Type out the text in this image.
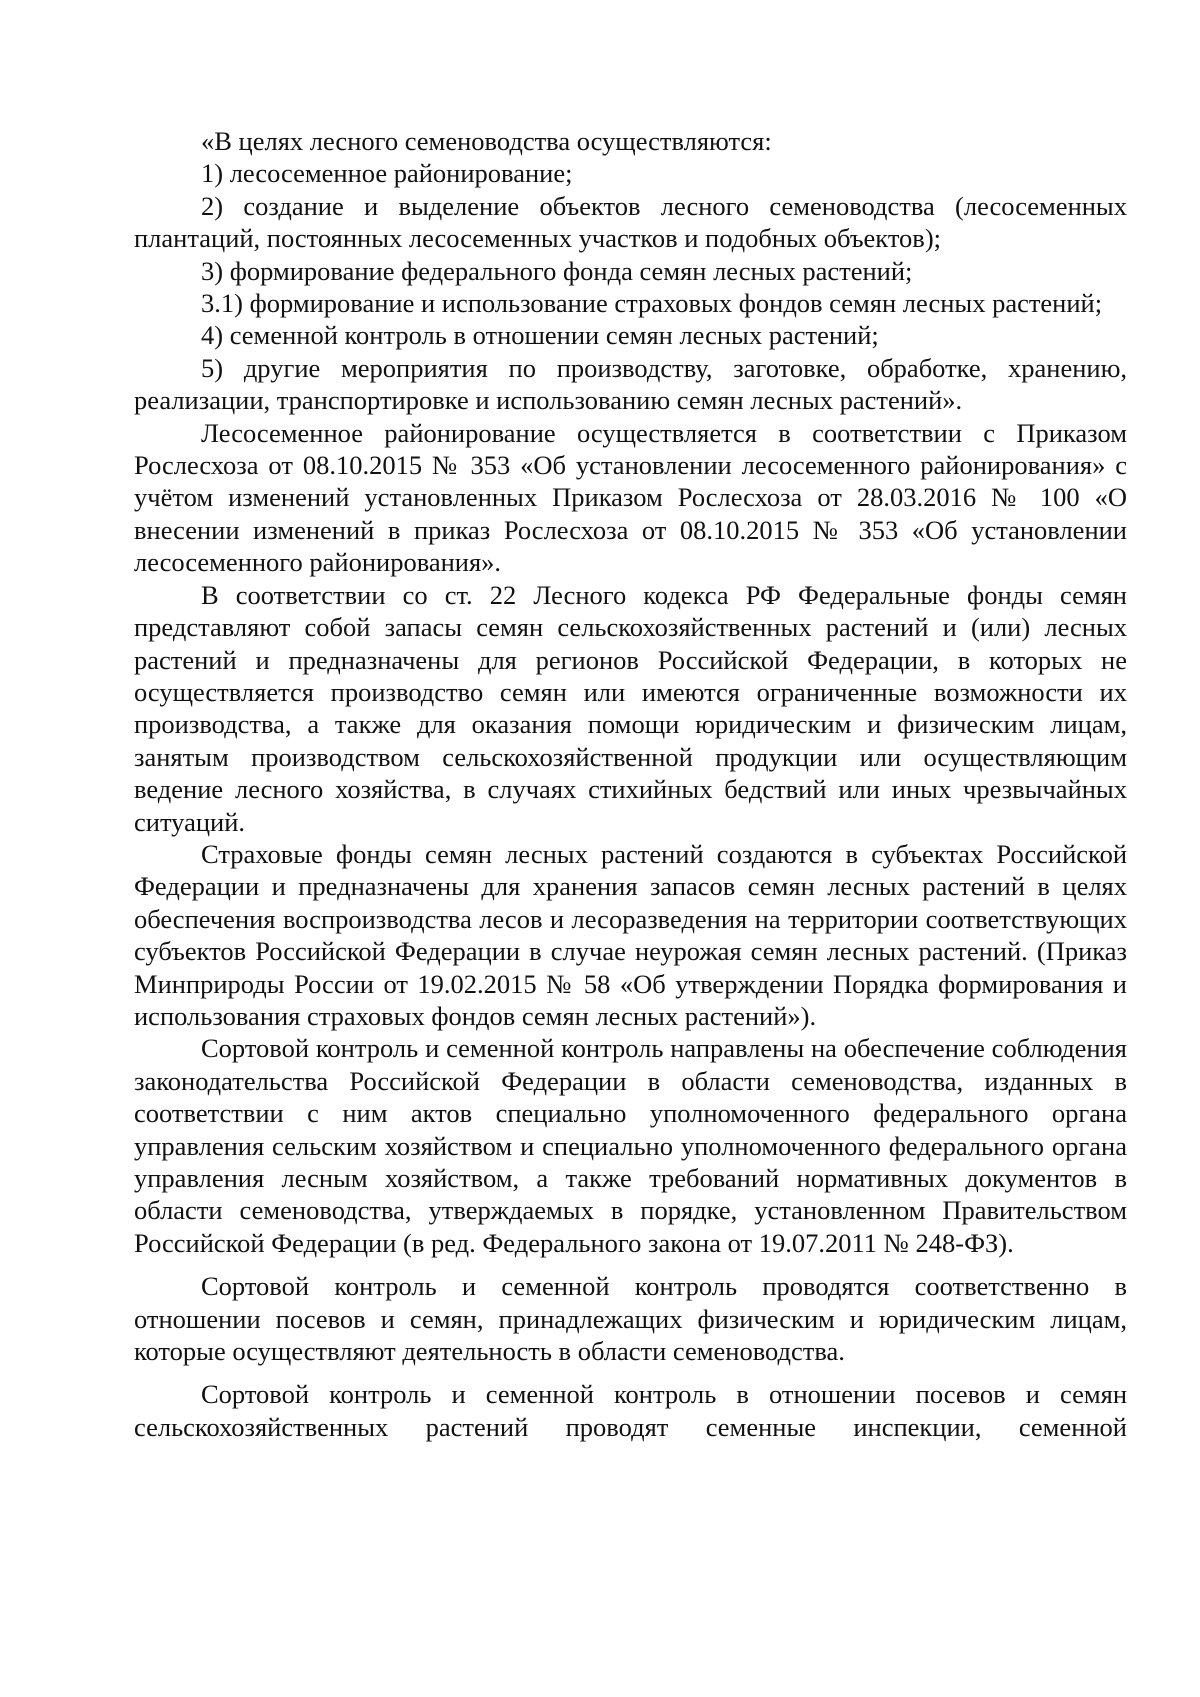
«В целях лесного семеноводства осуществляются:

1) лесосеменное районирование;

2) создание и выделение объектов лесного семеноводства (лесосеменных плантаций, постоянных лесосеменных участков и подобных объектов);

3) формирование федерального фонда семян лесных растений;

3.1) формирование и использование страховых фондов семян лесных растений;

4) семенной контроль в отношении семян лесных растений;

5) другие мероприятия по производству, заготовке, обработке, хранению, реализации, транспортировке и использованию семян лесных растений».

Лесосеменное районирование осуществляется в соответствии с Приказом Рослесхоза от 08.10.2015 № 353 «Об установлении лесосеменного районирования» с учётом изменений установленных Приказом Рослесхоза от 28.03.2016 № 100 «О внесении изменений в приказ Рослесхоза от 08.10.2015 № 353 «Об установлении лесосеменного районирования».

В соответствии со ст. 22 Лесного кодекса РФ Федеральные фонды семян представляют собой запасы семян сельскохозяйственных растений и (или) лесных растений и предназначены для регионов Российской Федерации, в которых не осуществляется производство семян или имеются ограниченные возможности их производства, а также для оказания помощи юридическим и физическим лицам, занятым производством сельскохозяйственной продукции или осуществляющим ведение лесного хозяйства, в случаях стихийных бедствий или иных чрезвычайных ситуаций.

Страховые фонды семян лесных растений создаются в субъектах Российской Федерации и предназначены для хранения запасов семян лесных растений в целях обеспечения воспроизводства лесов и лесоразведения на территории соответствующих субъектов Российской Федерации в случае неурожая семян лесных растений. (Приказ Минприроды России от 19.02.2015 № 58 «Об утверждении Порядка формирования и использования страховых фондов семян лесных растений»).

Сортовой контроль и семенной контроль направлены на обеспечение соблюдения законодательства Российской Федерации в области семеноводства, изданных в соответствии с ним актов специально уполномоченного федерального органа управления сельским хозяйством и специально уполномоченного федерального органа управления лесным хозяйством, а также требований нормативных документов в области семеноводства, утверждаемых в порядке, установленном Правительством Российской Федерации (в ред. Федерального закона от 19.07.2011 № 248-ФЗ).

Сортовой контроль и семенной контроль проводятся соответственно в отношении посевов и семян, принадлежащих физическим и юридическим лицам, которые осуществляют деятельность в области семеноводства.

Сортовой контроль и семенной контроль в отношении посевов и семян сельскохозяйственных растений проводят семенные инспекции, семенной
